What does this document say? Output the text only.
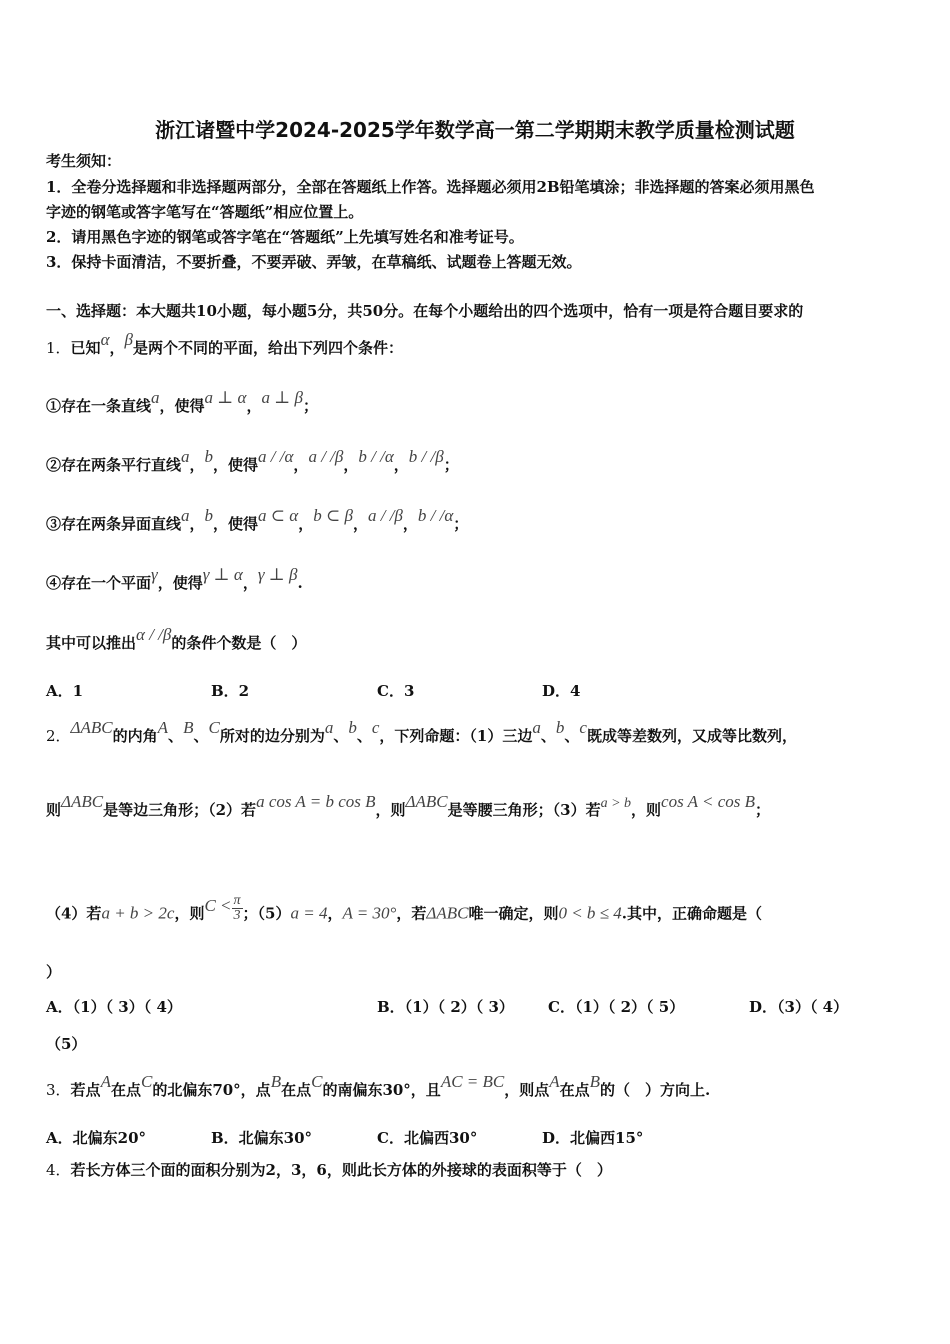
浙江诸暨中学2024-2025学年数学高一第二学期期末教学质量检测试题
考生须知：
1．全卷分选择题和非选择题两部分，全部在答题纸上作答。选择题必须用2B铅笔填涂；非选择题的答案必须用黑色
字迹的钢笔或答字笔写在“答题纸”相应位置上。
2．请用黑色字迹的钢笔或答字笔在“答题纸”上先填写姓名和准考证号。
3．保持卡面清洁，不要折叠，不要弄破、弄皱，在草稿纸、试题卷上答题无效。
一、选择题：本大题共10小题，每小题5分，共50分。在每个小题给出的四个选项中，恰有一项是符合题目要求的
1．已知α，β是两个不同的平面，给出下列四个条件：
①存在一条直线a，使得a ⊥ α，a ⊥ β；
②存在两条平行直线a，b，使得a / /α，a / /β，b / /α，b / /β；
③存在两条异面直线a，b，使得a ⊂ α，b ⊂ β，a / /β，b / /α；
④存在一个平面γ，使得γ ⊥ α，γ ⊥ β.
其中可以推出α / /β的条件个数是（　）
A．1	B．2	C．3	D．4
2．ΔABC的内角A、B、C所对的边分别为a、b、c，下列命题：（1）三边a、b、c既成等差数列，又成等比数列，
则ΔABC是等边三角形；（2）若a cos A = b cos B，则ΔABC是等腰三角形；（3）若a > b，则cos A < cos B；
（4）若a + b > 2c，则$C < \frac{\pi}{3}$ ；（5）a = 4，A = 30°，若ΔABC唯一确定，则0 < b ≤ 4.其中，正确命题是（
）
A．（1）（ 3）（ 4）	B．（1）（ 2）（ 3） C．（1）（ 2）（ 5）	D．（3）（ 4）
（5）
3．若点A在点C的北偏东70°，点B在点C的南偏东30°，且AC = BC，则点A在点B的（　）方向上.
A．北偏东20°	B．北偏东30°	C．北偏西30°	D．北偏西15°
4．若长方体三个面的面积分别为2，3，6，则此长方体的外接球的表面积等于（　）
